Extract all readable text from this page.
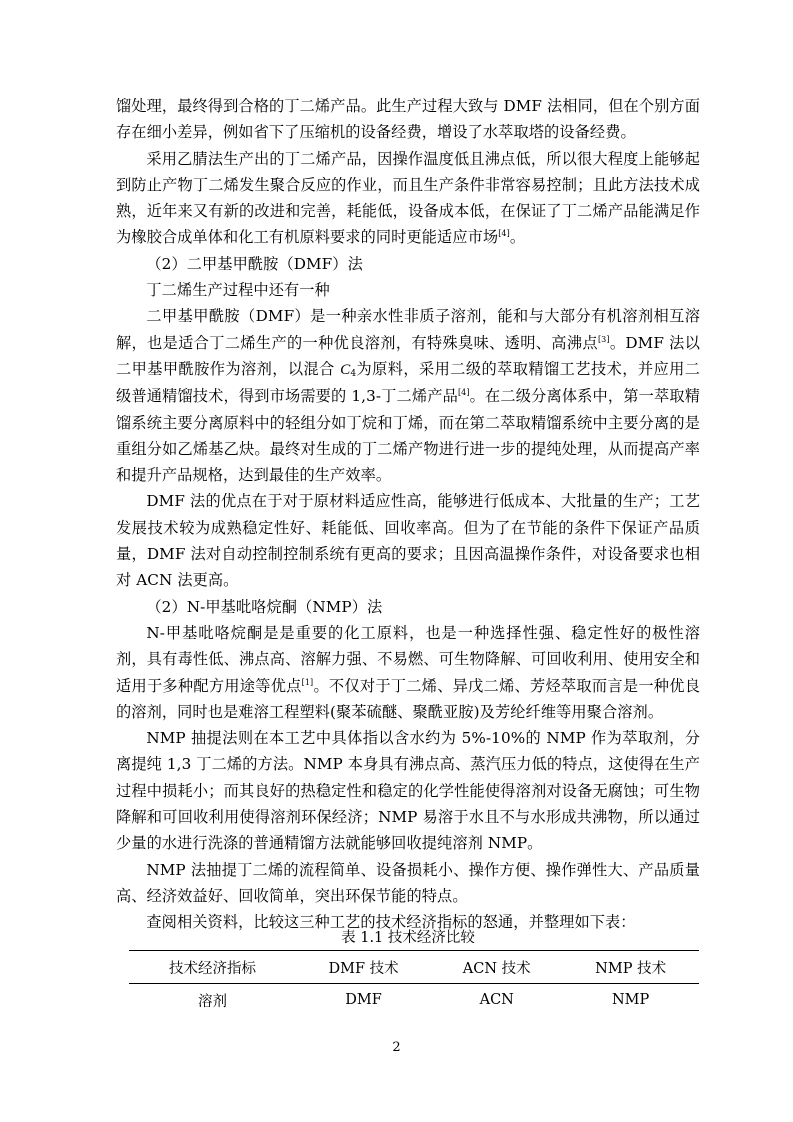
馏处理，最终得到合格的丁二烯产品。此生产过程大致与 DMF 法相同，但在个别方面存在细小差异，例如省下了压缩机的设备经费，增设了水萃取塔的设备经费。

采用乙腈法生产出的丁二烯产品，因操作温度低且沸点低，所以很大程度上能够起到防止产物丁二烯发生聚合反应的作业，而且生产条件非常容易控制；且此方法技术成熟，近年来又有新的改进和完善，耗能低，设备成本低，在保证了丁二烯产品能满足作为橡胶合成单体和化工有机原料要求的同时更能适应市场[4]。

（2）二甲基甲酰胺（DMF）法

丁二烯生产过程中还有一种

二甲基甲酰胺（DMF）是一种亲水性非质子溶剂，能和与大部分有机溶剂相互溶解，也是适合丁二烯生产的一种优良溶剂，有特殊臭味、透明、高沸点[3]。DMF 法以二甲基甲酰胺作为溶剂，以混合 $C_4$为原料，采用二级的萃取精馏工艺技术，并应用二级普通精馏技术，得到市场需要的 1,3-丁二烯产品[4]。在二级分离体系中，第一萃取精馏系统主要分离原料中的轻组分如丁烷和丁烯，而在第二萃取精馏系统中主要分离的是重组分如乙烯基乙炔。最终对生成的丁二烯产物进行进一步的提纯处理，从而提高产率和提升产品规格，达到最佳的生产效率。

DMF 法的优点在于对于原材料适应性高，能够进行低成本、大批量的生产；工艺发展技术较为成熟稳定性好、耗能低、回收率高。但为了在节能的条件下保证产品质量，DMF 法对自动控制控制系统有更高的要求；且因高温操作条件，对设备要求也相对 ACN 法更高。

（2）N-甲基吡咯烷酮（NMP）法

N-甲基吡咯烷酮是是重要的化工原料，也是一种选择性强、稳定性好的极性溶剂，具有毒性低、沸点高、溶解力强、不易燃、可生物降解、可回收利用、使用安全和适用于多种配方用途等优点[1]。不仅对于丁二烯、异戊二烯、芳烃萃取而言是一种优良的溶剂，同时也是难溶工程塑料(聚苯硫醚、聚酰亚胺)及芳纶纤维等用聚合溶剂。

NMP 抽提法则在本工艺中具体指以含水约为 5%-10%的 NMP 作为萃取剂，分离提纯 1,3 丁二烯的方法。NMP 本身具有沸点高、蒸汽压力低的特点，这使得在生产过程中损耗小；而其良好的热稳定性和稳定的化学性能使得溶剂对设备无腐蚀；可生物降解和可回收利用使得溶剂环保经济；NMP 易溶于水且不与水形成共沸物，所以通过少量的水进行洗涤的普通精馏方法就能够回收提纯溶剂 NMP。

NMP 法抽提丁二烯的流程简单、设备损耗小、操作方便、操作弹性大、产品质量高、经济效益好、回收简单，突出环保节能的特点。

查阅相关资料，比较这三种工艺的技术经济指标的怒通，并整理如下表：

表 1.1 技术经济比较
技术经济指标	DMF 技术	ACN 技术	NMP 技术
溶剂	DMF	ACN	NMP
2
